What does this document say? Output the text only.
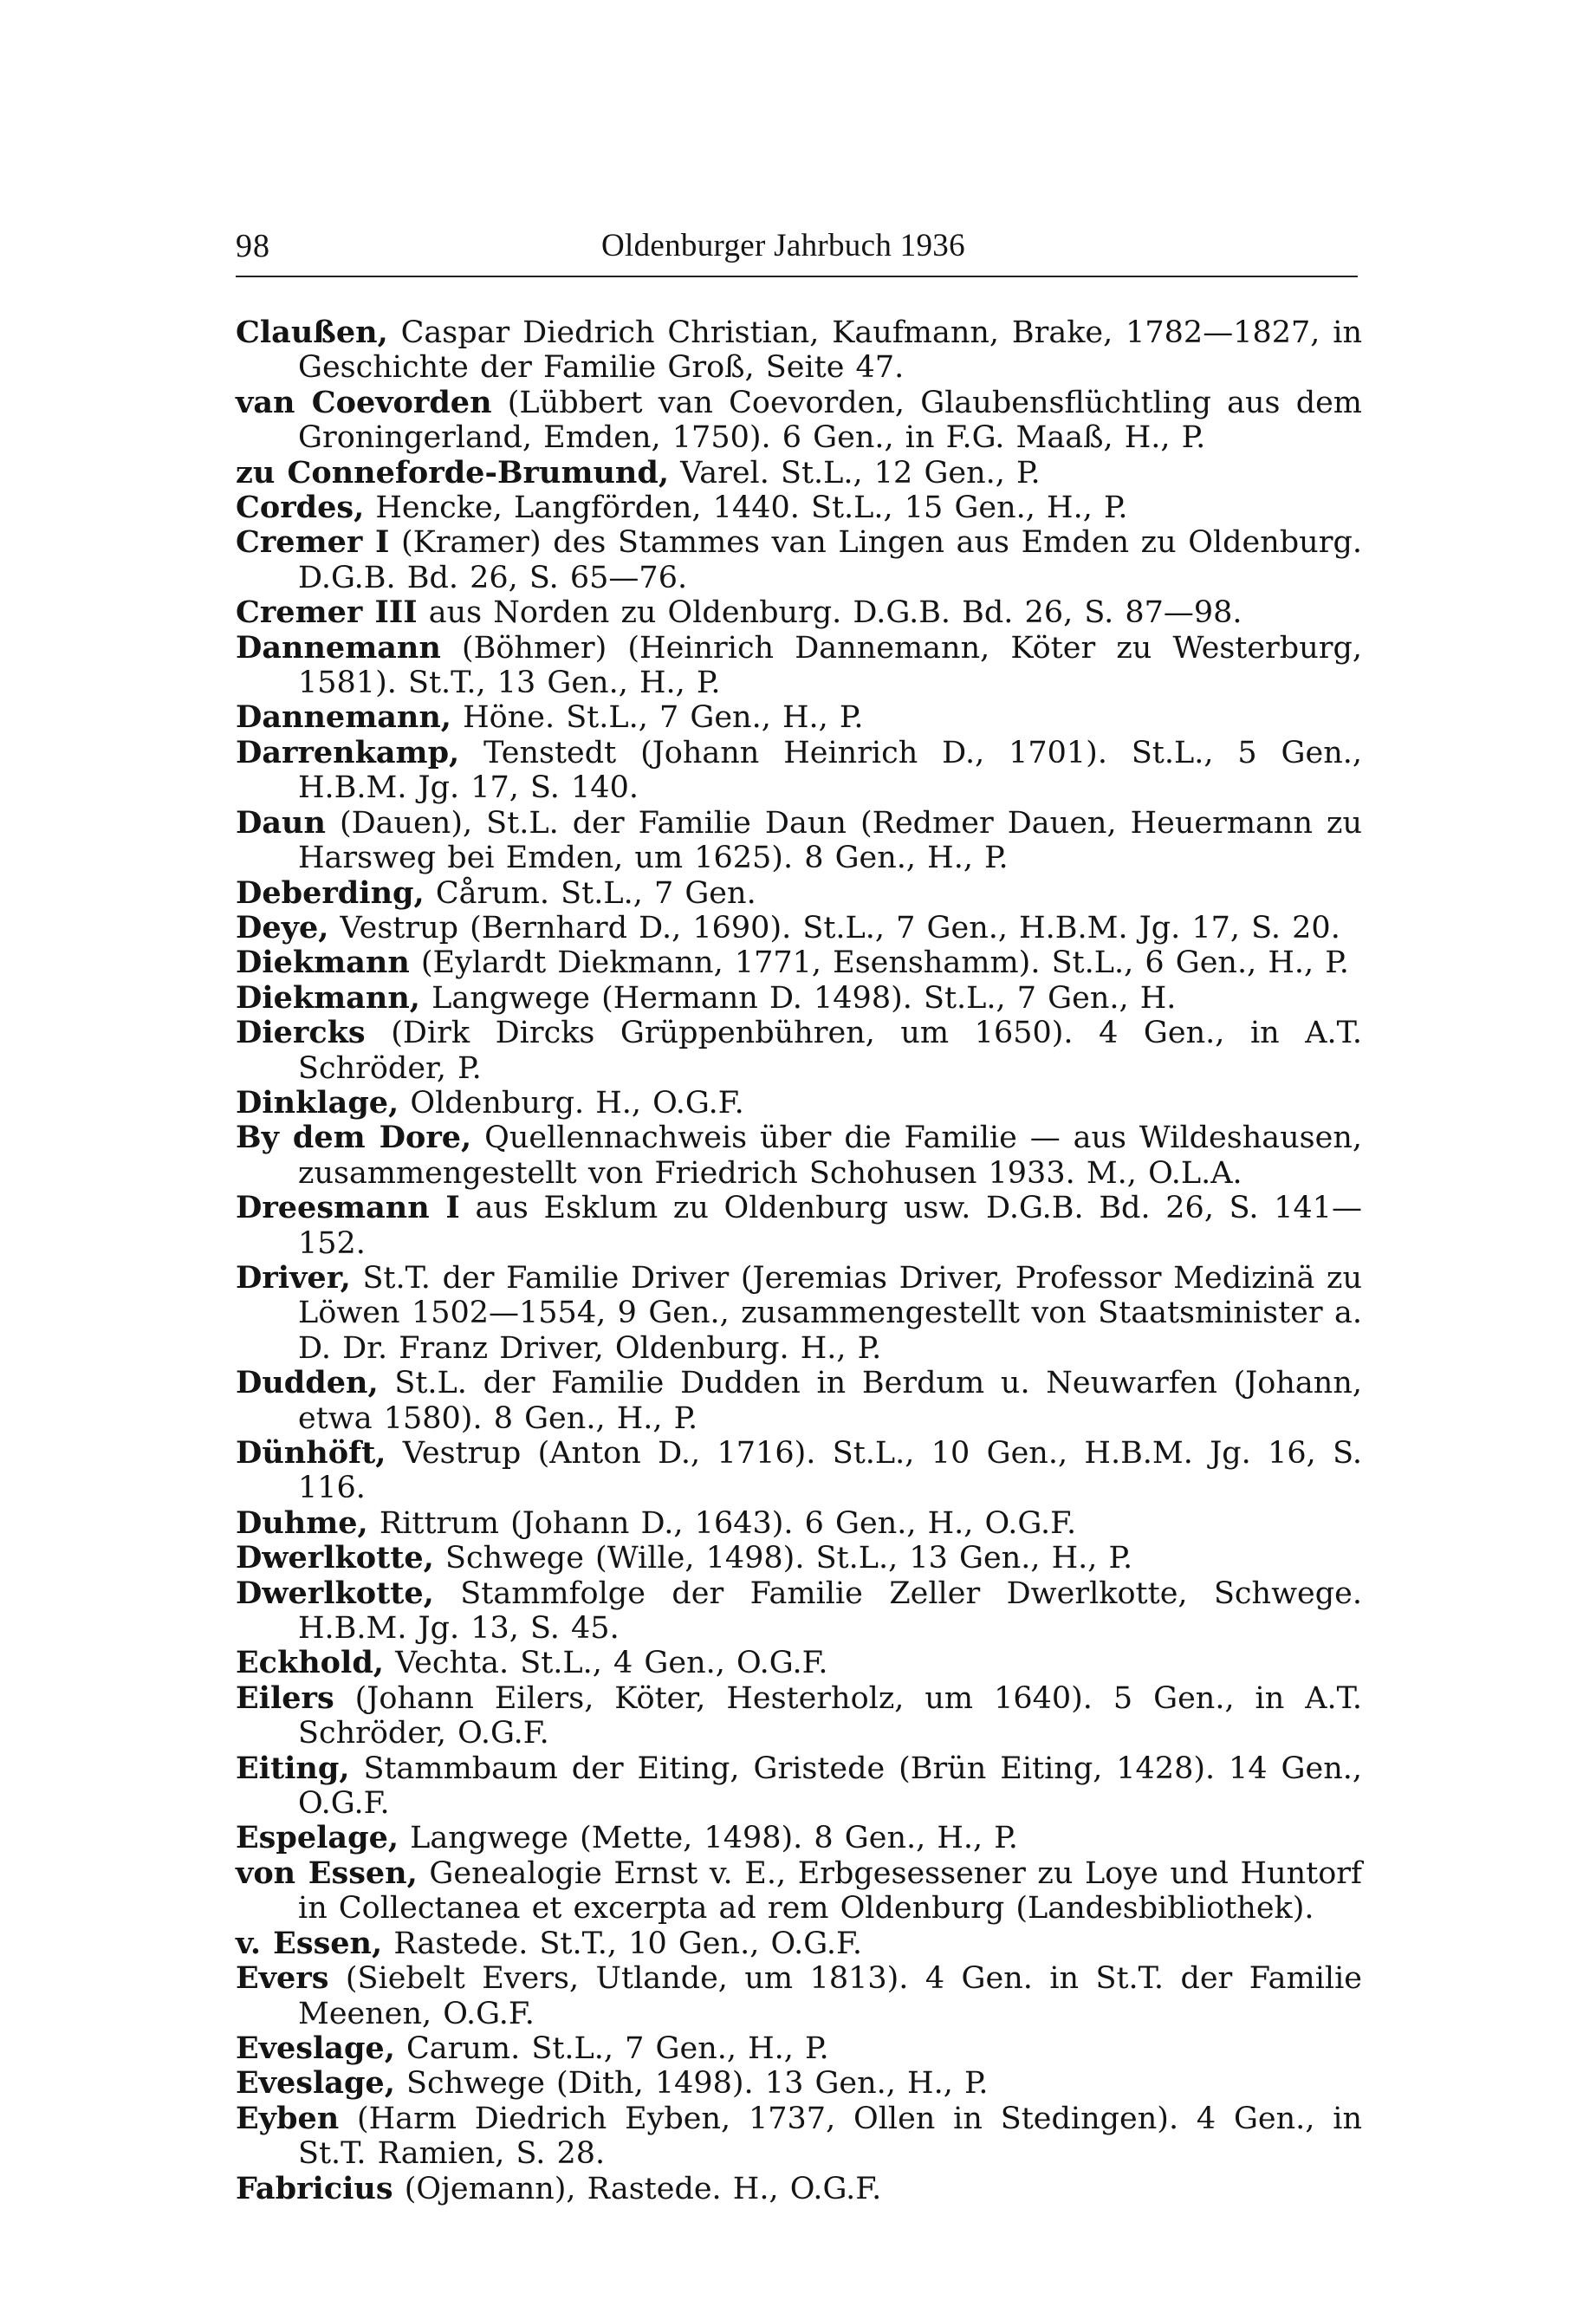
98	Oldenburger Jahrbuch 1936
Claußen, Caspar Diedrich Christian, Kaufmann, Brake, 1782—1827, in Geschichte der Familie Groß, Seite 47.
van Coevorden (Lübbert van Coevorden, Glaubensflüchtling aus dem Groningerland, Emden, 1750). 6 Gen., in F.G. Maaß, H., P.
zu Conneforde-Brumund, Varel. St.L., 12 Gen., P.
Cordes, Hencke, Langförden, 1440. St.L., 15 Gen., H., P.
Cremer I (Kramer) des Stammes van Lingen aus Emden zu Oldenburg. D.G.B. Bd. 26, S. 65—76.
Cremer III aus Norden zu Oldenburg. D.G.B. Bd. 26, S. 87—98.
Dannemann (Böhmer) (Heinrich Dannemann, Köter zu Westerburg, 1581). St.T., 13 Gen., H., P.
Dannemann, Höne. St.L., 7 Gen., H., P.
Darrenkamp, Tenstedt (Johann Heinrich D., 1701). St.L., 5 Gen., H.B.M. Jg. 17, S. 140.
Daun (Dauen), St.L. der Familie Daun (Redmer Dauen, Heuermann zu Harsweg bei Emden, um 1625). 8 Gen., H., P.
Deberding, Cårum. St.L., 7 Gen.
Deye, Vestrup (Bernhard D., 1690). St.L., 7 Gen., H.B.M. Jg. 17, S. 20.
Diekmann (Eylardt Diekmann, 1771, Esenshamm). St.L., 6 Gen., H., P.
Diekmann, Langwege (Hermann D. 1498). St.L., 7 Gen., H.
Diercks (Dirk Dircks Grüppenbühren, um 1650). 4 Gen., in A.T. Schröder, P.
Dinklage, Oldenburg. H., O.G.F.
By dem Dore, Quellennachweis über die Familie — aus Wildeshausen, zusammengestellt von Friedrich Schohusen 1933. M., O.L.A.
Dreesmann I aus Esklum zu Oldenburg usw. D.G.B. Bd. 26, S. 141—152.
Driver, St.T. der Familie Driver (Jeremias Driver, Professor Medizinä zu Löwen 1502—1554, 9 Gen., zusammengestellt von Staatsminister a. D. Dr. Franz Driver, Oldenburg. H., P.
Dudden, St.L. der Familie Dudden in Berdum u. Neuwarfen (Johann, etwa 1580). 8 Gen., H., P.
Dünhöft, Vestrup (Anton D., 1716). St.L., 10 Gen., H.B.M. Jg. 16, S. 116.
Duhme, Rittrum (Johann D., 1643). 6 Gen., H., O.G.F.
Dwerlkotte, Schwege (Wille, 1498). St.L., 13 Gen., H., P.
Dwerlkotte, Stammfolge der Familie Zeller Dwerlkotte, Schwege. H.B.M. Jg. 13, S. 45.
Eckhold, Vechta. St.L., 4 Gen., O.G.F.
Eilers (Johann Eilers, Köter, Hesterholz, um 1640). 5 Gen., in A.T. Schröder, O.G.F.
Eiting, Stammbaum der Eiting, Gristede (Brün Eiting, 1428). 14 Gen., O.G.F.
Espelage, Langwege (Mette, 1498). 8 Gen., H., P.
von Essen, Genealogie Ernst v. E., Erbgesessener zu Loye und Huntorf in Collectanea et excerpta ad rem Oldenburg (Landesbibliothek).
v. Essen, Rastede. St.T., 10 Gen., O.G.F.
Evers (Siebelt Evers, Utlande, um 1813). 4 Gen. in St.T. der Familie Meenen, O.G.F.
Eveslage, Carum. St.L., 7 Gen., H., P.
Eveslage, Schwege (Dith, 1498). 13 Gen., H., P.
Eyben (Harm Diedrich Eyben, 1737, Ollen in Stedingen). 4 Gen., in St.T. Ramien, S. 28.
Fabricius (Ojemann), Rastede. H., O.G.F.
